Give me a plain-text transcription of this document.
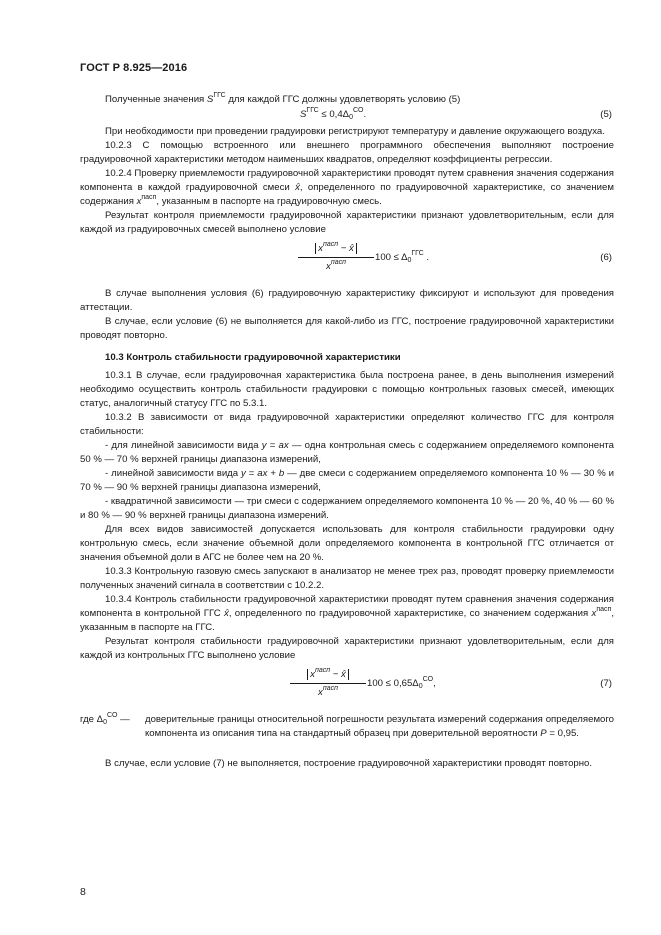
ГОСТ Р 8.925—2016

Полученные значения $S^{ГГС}$ для каждой ГГС должны удовлетворять условию (5)

$S^{ГГС} \le 0,4\Delta_0^{CO}$.	(5)

При необходимости при проведении градуировки регистрируют температуру и давление окружающего воздуха.

10.2.3 С помощью встроенного или внешнего программного обеспечения выполняют построение градуировочной характеристики методом наименьших квадратов, определяют коэффициенты регрессии.

10.2.4 Проверку приемлемости градуировочной характеристики проводят путем сравнения значения содержания компонента в каждой градуировочной смеси x̂, определенного по градуировочной характеристике, со значением содержания $x^{пасп}$, указанным в паспорте на градуировочную смесь.

Результат контроля приемлемости градуировочной характеристики признают удовлетворительным, если для каждой из градуировочных смесей выполнено условие

$x^{пасп}$ − x̂
$x^{пасп}$	$100 \le \Delta_0^{ГГС}$ .	(6)

В случае выполнения условия (6) градуировочную характеристику фиксируют и используют для проведения аттестации.

В случае, если условие (6) не выполняется для какой-либо из ГГС, построение градуировочной характеристики проводят повторно.

10.3 Контроль стабильности градуировочной характеристики

10.3.1 В случае, если градуировочная характеристика была построена ранее, в день выполнения измерений необходимо осуществить контроль стабильности градуировки с помощью контрольных газовых смесей, имеющих статус, аналогичный статусу ГГС по 5.3.1.

10.3.2 В зависимости от вида градуировочной характеристики определяют количество ГГС для контроля стабильности:

- для линейной зависимости вида y = ax — одна контрольная смесь с содержанием определяемого компонента 50 % — 70 % верхней границы диапазона измерений,

- линейной зависимости вида y = ax + b — две смеси с содержанием определяемого компонента 10 % — 30 % и 70 % — 90 % верхней границы диапазона измерений,

- квадратичной зависимости — три смеси с содержанием определяемого компонента 10 % — 20 %, 40 % — 60 % и 80 % — 90 % верхней границы диапазона измерений.

Для всех видов зависимостей допускается использовать для контроля стабильности градуировки одну контрольную смесь, если значение объемной доли определяемого компонента в контрольной ГГС отличается от значения объемной доли в АГС не более чем на 20 %.

10.3.3 Контрольную газовую смесь запускают в анализатор не менее трех раз, проводят проверку приемлемости полученных значений сигнала в соответствии с 10.2.2.

10.3.4 Контроль стабильности градуировочной характеристики проводят путем сравнения значения содержания компонента в контрольной ГГС x̂, определенного по градуировочной характеристике, со значением содержания $x^{пасп}$, указанным в паспорте на ГГС.

Результат контроля стабильности градуировочной характеристики признают удовлетворительным, если для каждой из контрольных ГГС выполнено условие

$x^{пасп}$ − x̂
$x^{пасп}$	$100 \le 0,65\Delta_0^{CO}$,	(7)
где $\Delta_0^{CO}$ — доверительные границы относительной погрешности результата измерений содержания определяемого компонента из описания типа на стандартный образец при доверительной вероятности P = 0,95.

В случае, если условие (7) не выполняется, построение градуировочной характеристики проводят повторно.

8
